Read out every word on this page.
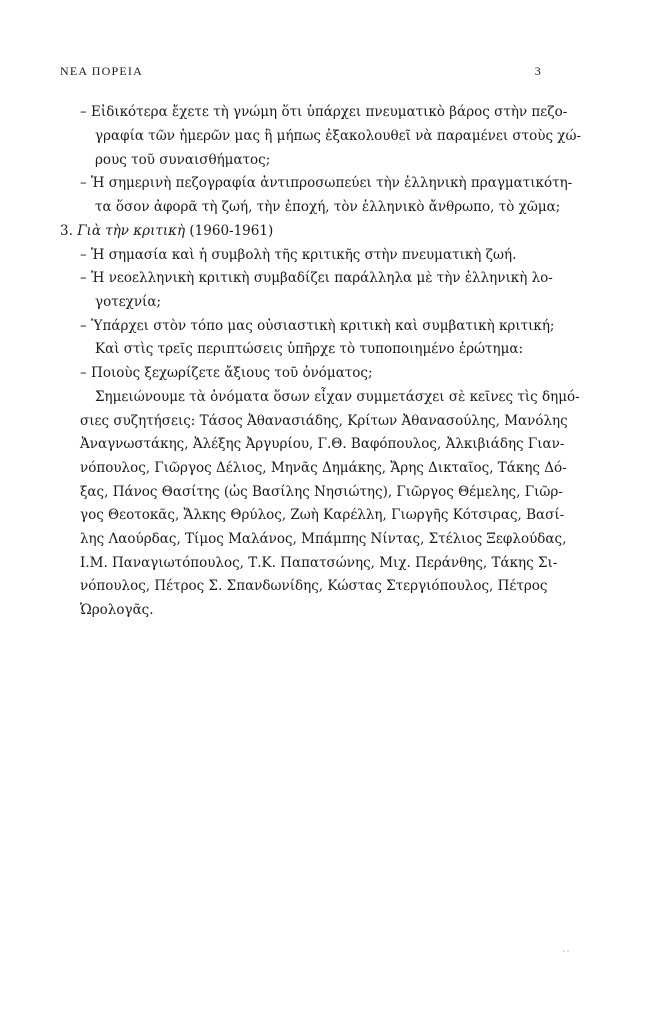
ΝΕΑ ΠΟΡΕΙΑ	3
– Εἰδικότερα ἔχετε τὴ γνώμη ὅτι ὑπάρχει πνευματικὸ βάρος στὴν πεζο-
γραφία τῶν ἡμερῶν μας ἢ μήπως ἐξακολουθεῖ νὰ παραμένει στοὺς χώ-
ρους τοῦ συναισθήματος;
– Ἡ σημερινὴ πεζογραφία ἀντιπροσωπεύει τὴν ἑλληνικὴ πραγματικότη-
τα ὅσον ἀφορᾶ τὴ ζωή, τὴν ἐποχή, τὸν ἑλληνικὸ ἄνθρωπο, τὸ χῶμα;
3. Γιὰ τὴν κριτικὴ (1960-1961)
– Ἡ σημασία καὶ ἡ συμβολὴ τῆς κριτικῆς στὴν πνευματικὴ ζωή.
– Ἡ νεοελληνικὴ κριτικὴ συμβαδίζει παράλληλα μὲ τὴν ἑλληνικὴ λο-
γοτεχνία;
– Ὑπάρχει στὸν τόπο μας οὐσιαστικὴ κριτικὴ καὶ συμβατικὴ κριτική;
Καὶ στὶς τρεῖς περιπτώσεις ὑπῆρχε τὸ τυποποιημένο ἐρώτημα:
– Ποιοὺς ξεχωρίζετε ἄξιους τοῦ ὀνόματος;
Σημειώνουμε τὰ ὀνόματα ὅσων εἶχαν συμμετάσχει σὲ κεῖνες τὶς δημό-
σιες συζητήσεις: Τάσος Ἀθανασιάδης, Κρίτων Ἀθανασούλης, Μανόλης
Ἀναγνωστάκης, Ἀλέξης Ἀργυρίου, Γ.Θ. Βαφόπουλος, Ἀλκιβιάδης Γιαν-
νόπουλος, Γιῶργος Δέλιος, Μηνᾶς Δημάκης, Ἄρης Δικταῖος, Τάκης Δό-
ξας, Πάνος Θασίτης (ὡς Βασίλης Νησιώτης), Γιῶργος Θέμελης, Γιῶρ-
γος Θεοτοκᾶς, Ἄλκης Θρύλος, Ζωὴ Καρέλλη, Γιωργῆς Κότσιρας, Βασί-
λης Λαούρδας, Τίμος Μαλάνος, Μπάμπης Νίντας, Στέλιος Ξεφλούδας,
Ι.Μ. Παναγιωτόπουλος, Τ.Κ. Παπατσώνης, Μιχ. Περάνθης, Τάκης Σι-
νόπουλος, Πέτρος Σ. Σπανδωνίδης, Κώστας Στεργιόπουλος, Πέτρος
Ὡρολογᾶς.
˙˙
